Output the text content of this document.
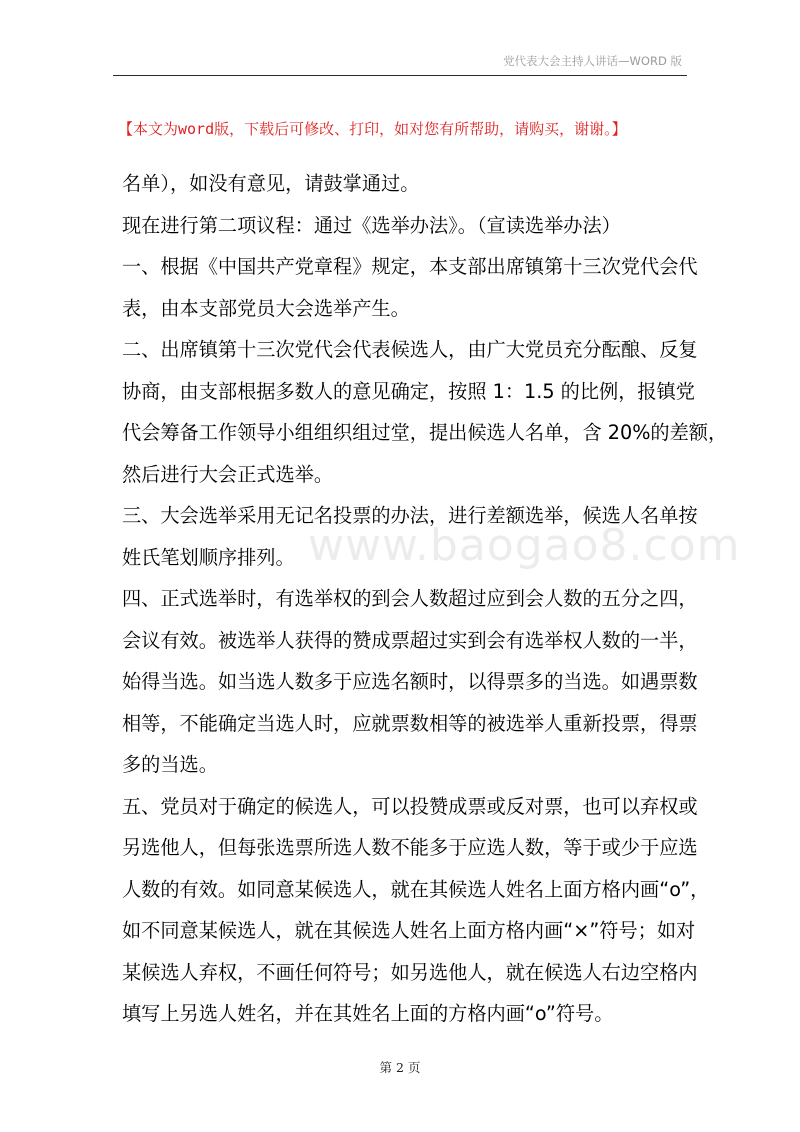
党代表大会主持人讲话—WORD 版
【本文为word版，下载后可修改、打印，如对您有所帮助，请购买，谢谢。】
www.baogao8.com
名单），如没有意见，请鼓掌通过。
现在进行第二项议程：通过《选举办法》。（宣读选举办法）
一、根据《中国共产党章程》规定，本支部出席镇第十三次党代会代
表，由本支部党员大会选举产生。
二、出席镇第十三次党代会代表候选人，由广大党员充分酝酿、反复
协商，由支部根据多数人的意见确定，按照 1：1.5 的比例，报镇党
代会筹备工作领导小组组织组过堂，提出候选人名单，含 20%的差额，
然后进行大会正式选举。
三、大会选举采用无记名投票的办法，进行差额选举，候选人名单按
姓氏笔划顺序排列。
四、正式选举时，有选举权的到会人数超过应到会人数的五分之四，
会议有效。被选举人获得的赞成票超过实到会有选举权人数的一半，
始得当选。如当选人数多于应选名额时，以得票多的当选。如遇票数
相等，不能确定当选人时，应就票数相等的被选举人重新投票，得票
多的当选。
五、党员对于确定的候选人，可以投赞成票或反对票，也可以弃权或
另选他人，但每张选票所选人数不能多于应选人数，等于或少于应选
人数的有效。如同意某候选人，就在其候选人姓名上面方格内画“o”，
如不同意某候选人，就在其候选人姓名上面方格内画“×”符号；如对
某候选人弃权，不画任何符号；如另选他人，就在候选人右边空格内
填写上另选人姓名，并在其姓名上面的方格内画“o”符号。
第 2 页
